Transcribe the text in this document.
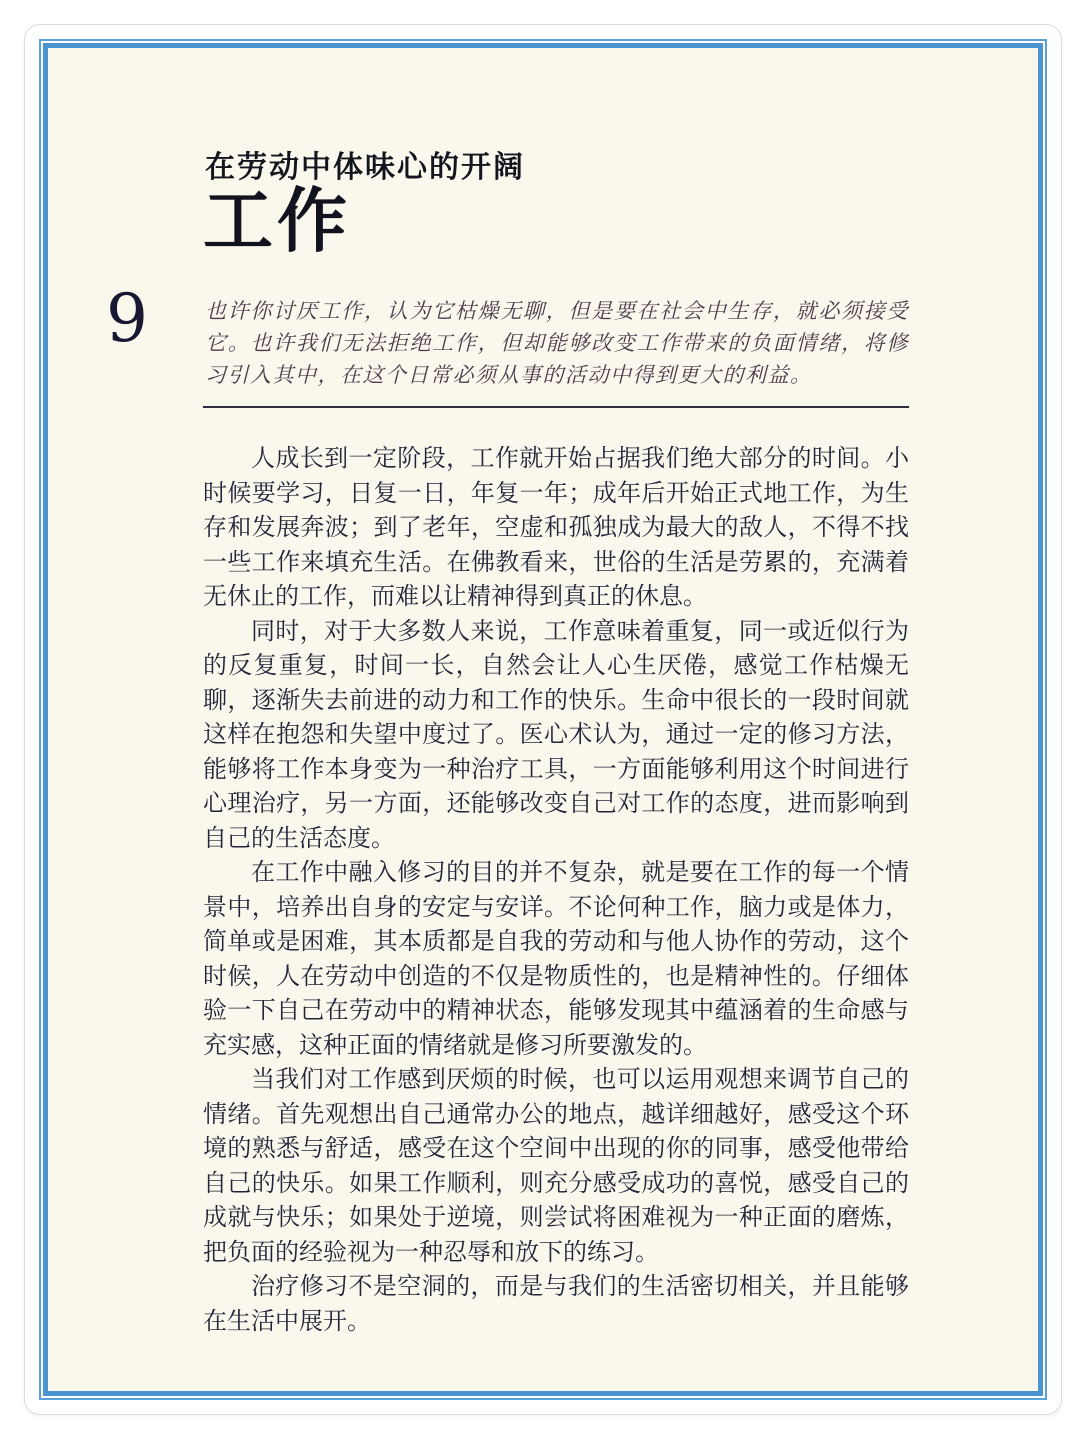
9
在劳动中体味心的开阔
工作
也许你讨厌工作，认为它枯燥无聊，但是要在社会中生存，就必须接受它。也许我们无法拒绝工作，但却能够改变工作带来的负面情绪，将修习引入其中，在这个日常必须从事的活动中得到更大的利益。

人成长到一定阶段，工作就开始占据我们绝大部分的时间。小时候要学习，日复一日，年复一年；成年后开始正式地工作，为生存和发展奔波；到了老年，空虚和孤独成为最大的敌人，不得不找一些工作来填充生活。在佛教看来，世俗的生活是劳累的，充满着无休止的工作，而难以让精神得到真正的休息。

同时，对于大多数人来说，工作意味着重复，同一或近似行为的反复重复，时间一长，自然会让人心生厌倦，感觉工作枯燥无聊，逐渐失去前进的动力和工作的快乐。生命中很长的一段时间就这样在抱怨和失望中度过了。医心术认为，通过一定的修习方法，能够将工作本身变为一种治疗工具，一方面能够利用这个时间进行心理治疗，另一方面，还能够改变自己对工作的态度，进而影响到自己的生活态度。

在工作中融入修习的目的并不复杂，就是要在工作的每一个情景中，培养出自身的安定与安详。不论何种工作，脑力或是体力，简单或是困难，其本质都是自我的劳动和与他人协作的劳动，这个时候，人在劳动中创造的不仅是物质性的，也是精神性的。仔细体验一下自己在劳动中的精神状态，能够发现其中蕴涵着的生命感与充实感，这种正面的情绪就是修习所要激发的。

当我们对工作感到厌烦的时候，也可以运用观想来调节自己的情绪。首先观想出自己通常办公的地点，越详细越好，感受这个环境的熟悉与舒适，感受在这个空间中出现的你的同事，感受他带给自己的快乐。如果工作顺利，则充分感受成功的喜悦，感受自己的成就与快乐；如果处于逆境，则尝试将困难视为一种正面的磨炼，把负面的经验视为一种忍辱和放下的练习。

治疗修习不是空洞的，而是与我们的生活密切相关，并且能够在生活中展开。
